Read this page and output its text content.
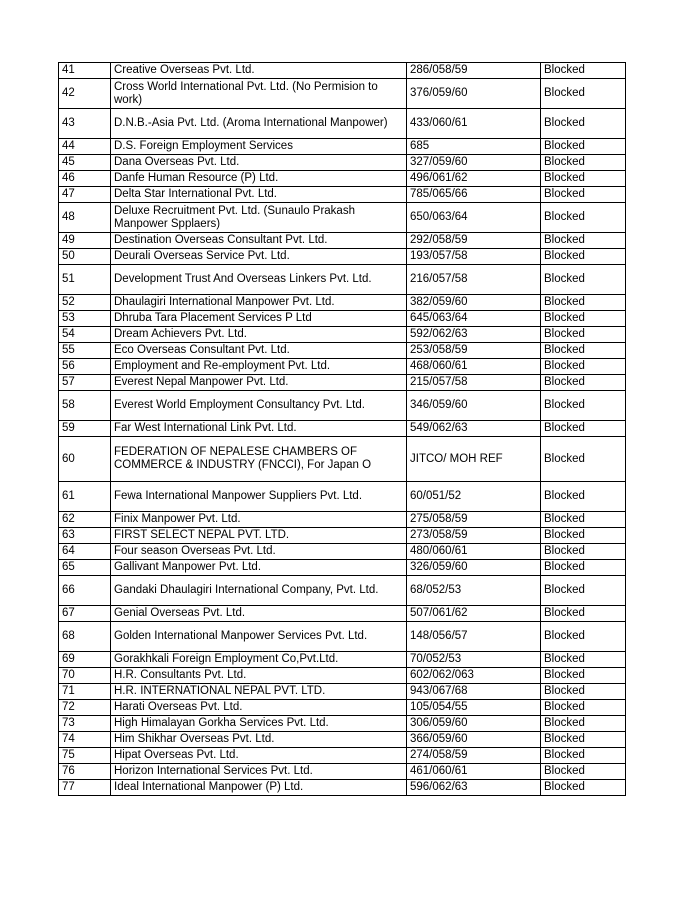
41	Creative Overseas Pvt. Ltd.	286/058/59	Blocked
42	Cross World International Pvt. Ltd. (No Permision to work)	376/059/60	Blocked
43	D.N.B.-Asia Pvt. Ltd. (Aroma International Manpower)	433/060/61	Blocked
44	D.S. Foreign Employment Services	685	Blocked
45	Dana Overseas Pvt. Ltd.	327/059/60	Blocked
46	Danfe Human Resource (P) Ltd.	496/061/62	Blocked
47	Delta Star International Pvt. Ltd.	785/065/66	Blocked
48	Deluxe Recruitment Pvt. Ltd. (Sunaulo Prakash Manpower Spplaers)	650/063/64	Blocked
49	Destination Overseas Consultant Pvt. Ltd.	292/058/59	Blocked
50	Deurali Overseas Service Pvt. Ltd.	193/057/58	Blocked
51	Development Trust And Overseas Linkers Pvt. Ltd.	216/057/58	Blocked
52	Dhaulagiri International Manpower Pvt. Ltd.	382/059/60	Blocked
53	Dhruba Tara Placement Services P Ltd	645/063/64	Blocked
54	Dream Achievers Pvt. Ltd.	592/062/63	Blocked
55	Eco Overseas Consultant Pvt. Ltd.	253/058/59	Blocked
56	Employment and Re-employment Pvt. Ltd.	468/060/61	Blocked
57	Everest Nepal Manpower Pvt. Ltd.	215/057/58	Blocked
58	Everest World Employment Consultancy Pvt. Ltd.	346/059/60	Blocked
59	Far West International Link Pvt. Ltd.	549/062/63	Blocked
60	FEDERATION OF NEPALESE CHAMBERS OF COMMERCE & INDUSTRY (FNCCI), For Japan O	JITCO/ MOH REF	Blocked
61	Fewa International Manpower Suppliers Pvt. Ltd.	60/051/52	Blocked
62	Finix Manpower Pvt. Ltd.	275/058/59	Blocked
63	FIRST SELECT NEPAL PVT. LTD.	273/058/59	Blocked
64	Four season Overseas Pvt. Ltd.	480/060/61	Blocked
65	Gallivant Manpower Pvt. Ltd.	326/059/60	Blocked
66	Gandaki Dhaulagiri International Company, Pvt. Ltd.	68/052/53	Blocked
67	Genial Overseas Pvt. Ltd.	507/061/62	Blocked
68	Golden International Manpower Services Pvt. Ltd.	148/056/57	Blocked
69	Gorakhkali Foreign Employment Co,Pvt.Ltd.	70/052/53	Blocked
70	H.R. Consultants Pvt. Ltd.	602/062/063	Blocked
71	H.R. INTERNATIONAL NEPAL PVT. LTD.	943/067/68	Blocked
72	Harati Overseas Pvt. Ltd.	105/054/55	Blocked
73	High Himalayan Gorkha Services Pvt. Ltd.	306/059/60	Blocked
74	Him Shikhar Overseas Pvt. Ltd.	366/059/60	Blocked
75	Hipat Overseas Pvt. Ltd.	274/058/59	Blocked
76	Horizon International Services Pvt. Ltd.	461/060/61	Blocked
77	Ideal International Manpower (P) Ltd.	596/062/63	Blocked
